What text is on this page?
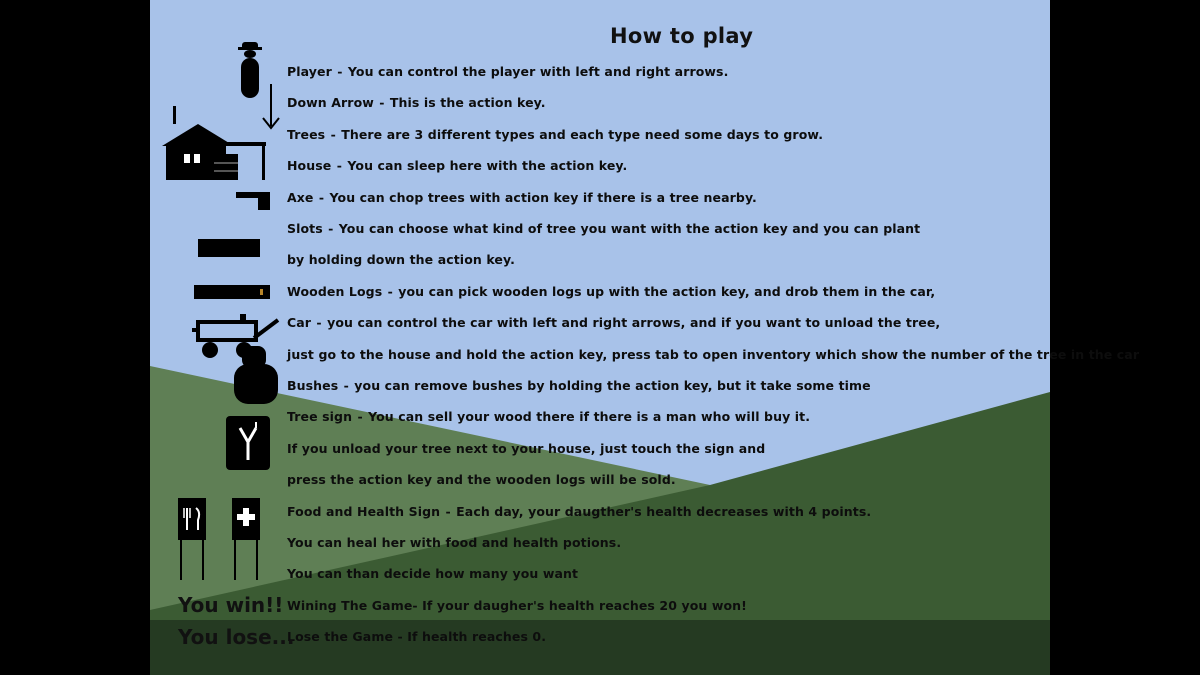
How to play
Player - You can control the player with left and right arrows.
Down Arrow - This is the action key.
Trees - There are 3 different types and each type need some days to grow.
House - You can sleep here with the action key.
Axe - You can chop trees with action key if there is a tree nearby.
Slots - You can choose what kind of tree you want with the action key and you can plant
by holding down the action key.
Wooden Logs - you can pick wooden logs up with the action key, and drob them in the car,
Car - you can control the car with left and right arrows, and if you want to unload the tree,
just go to the house and hold the action key, press tab to open inventory which show the number of the tree in the car
Bushes - you can remove bushes by holding the action key, but it take some time
Tree sign - You can sell your wood there if there is a man who will buy it.
If you unload your tree next to your house, just touch the sign and
press the action key and the wooden logs will be sold.
Food and Health Sign - Each day, your daugther's health decreases with 4 points.
You can heal her with food and health potions.
You can than decide how many you want
Wining The Game- If your daugher's health reaches 20 you won!
Lose the Game - If health reaches 0.
You win!!
You lose...
